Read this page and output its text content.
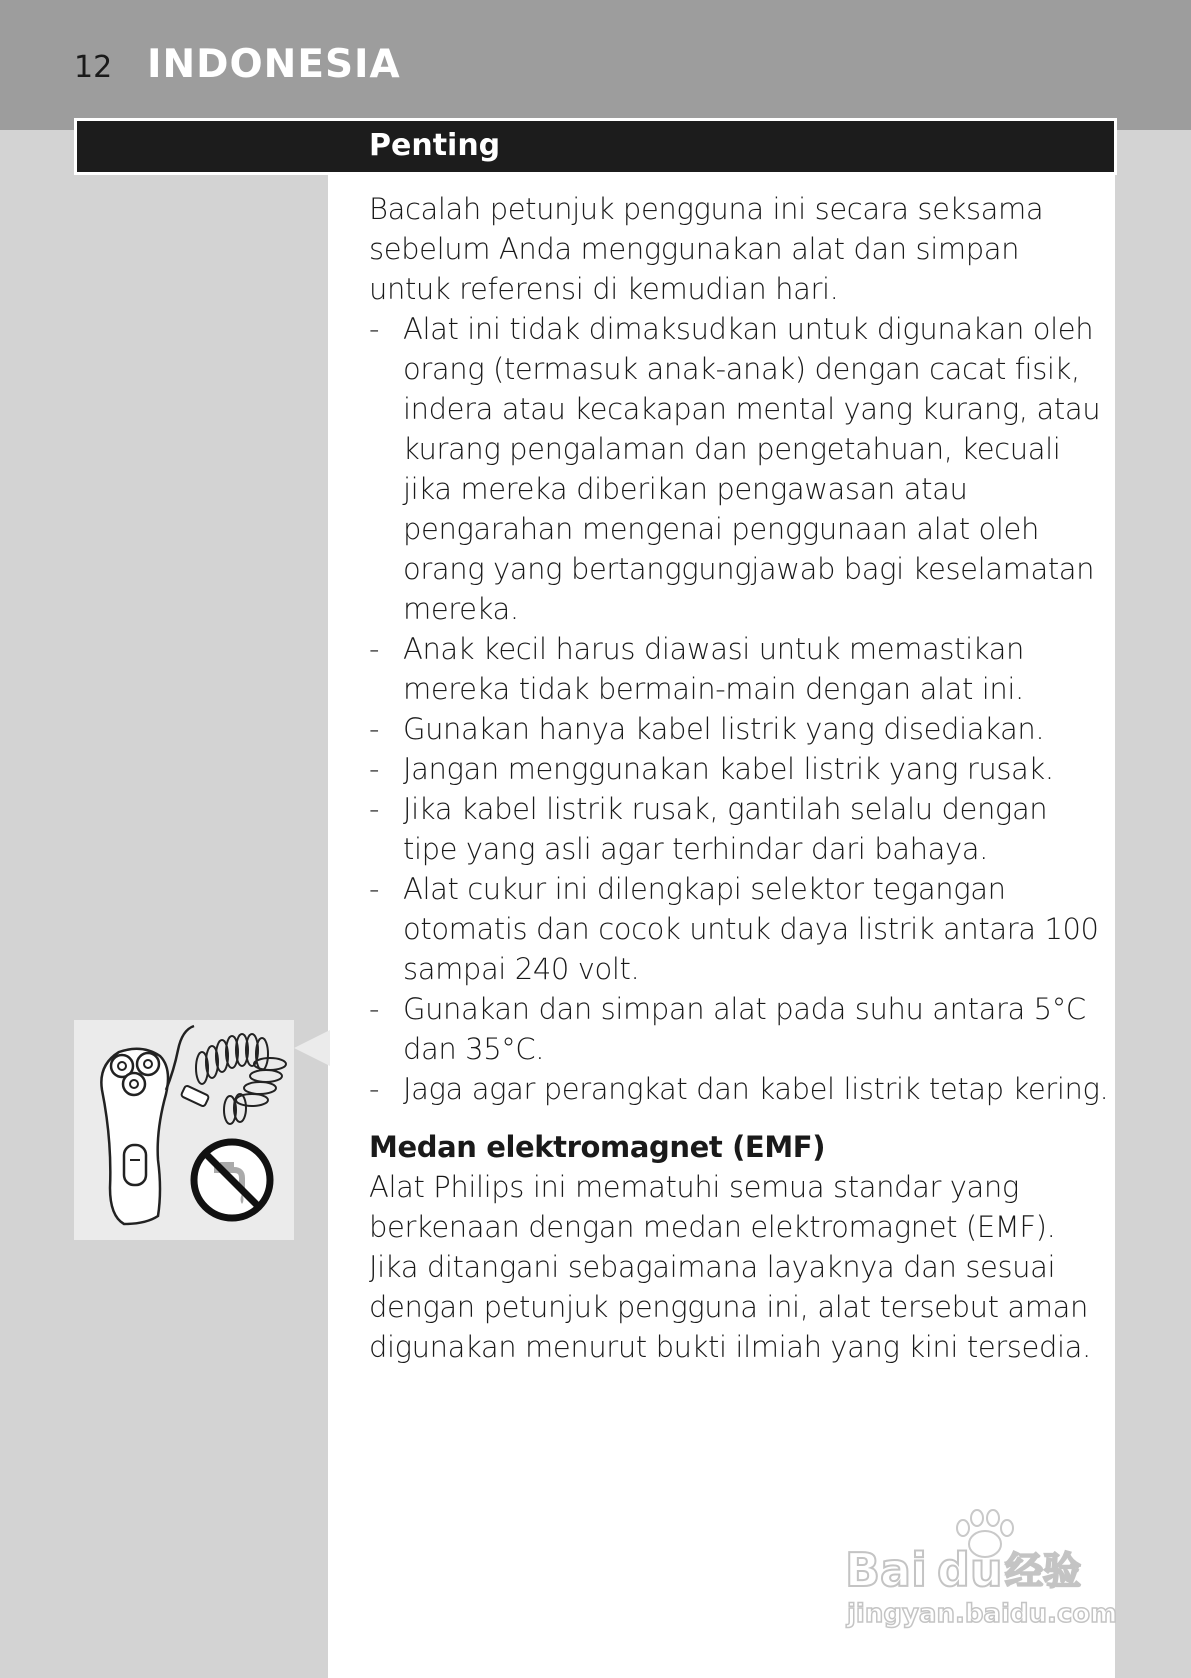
12 INDONESIA
Penting

Bacalah petunjuk pengguna ini secara seksama sebelum Anda menggunakan alat dan simpan untuk referensi di kemudian hari.

- Alat ini tidak dimaksudkan untuk digunakan oleh orang (termasuk anak-anak) dengan cacat fisik, indera atau kecakapan mental yang kurang, atau kurang pengalaman dan pengetahuan, kecuali jika mereka diberikan pengawasan atau pengarahan mengenai penggunaan alat oleh orang yang bertanggungjawab bagi keselamatan mereka.
- Anak kecil harus diawasi untuk memastikan mereka tidak bermain-main dengan alat ini.
- Gunakan hanya kabel listrik yang disediakan.
- Jangan menggunakan kabel listrik yang rusak.
- Jika kabel listrik rusak, gantilah selalu dengan tipe yang asli agar terhindar dari bahaya.
- Alat cukur ini dilengkapi selektor tegangan otomatis dan cocok untuk daya listrik antara 100 sampai 240 volt.
- Gunakan dan simpan alat pada suhu antara 5°C dan 35°C.
- Jaga agar perangkat dan kabel listrik tetap kering.

Medan elektromagnet (EMF)

Alat Philips ini mematuhi semua standar yang berkenaan dengan medan elektromagnet (EMF). Jika ditangani sebagaimana layaknya dan sesuai dengan petunjuk pengguna ini, alat tersebut aman digunakan menurut bukti ilmiah yang kini tersedia.

Bai du 经验
jingyan.baidu.com
